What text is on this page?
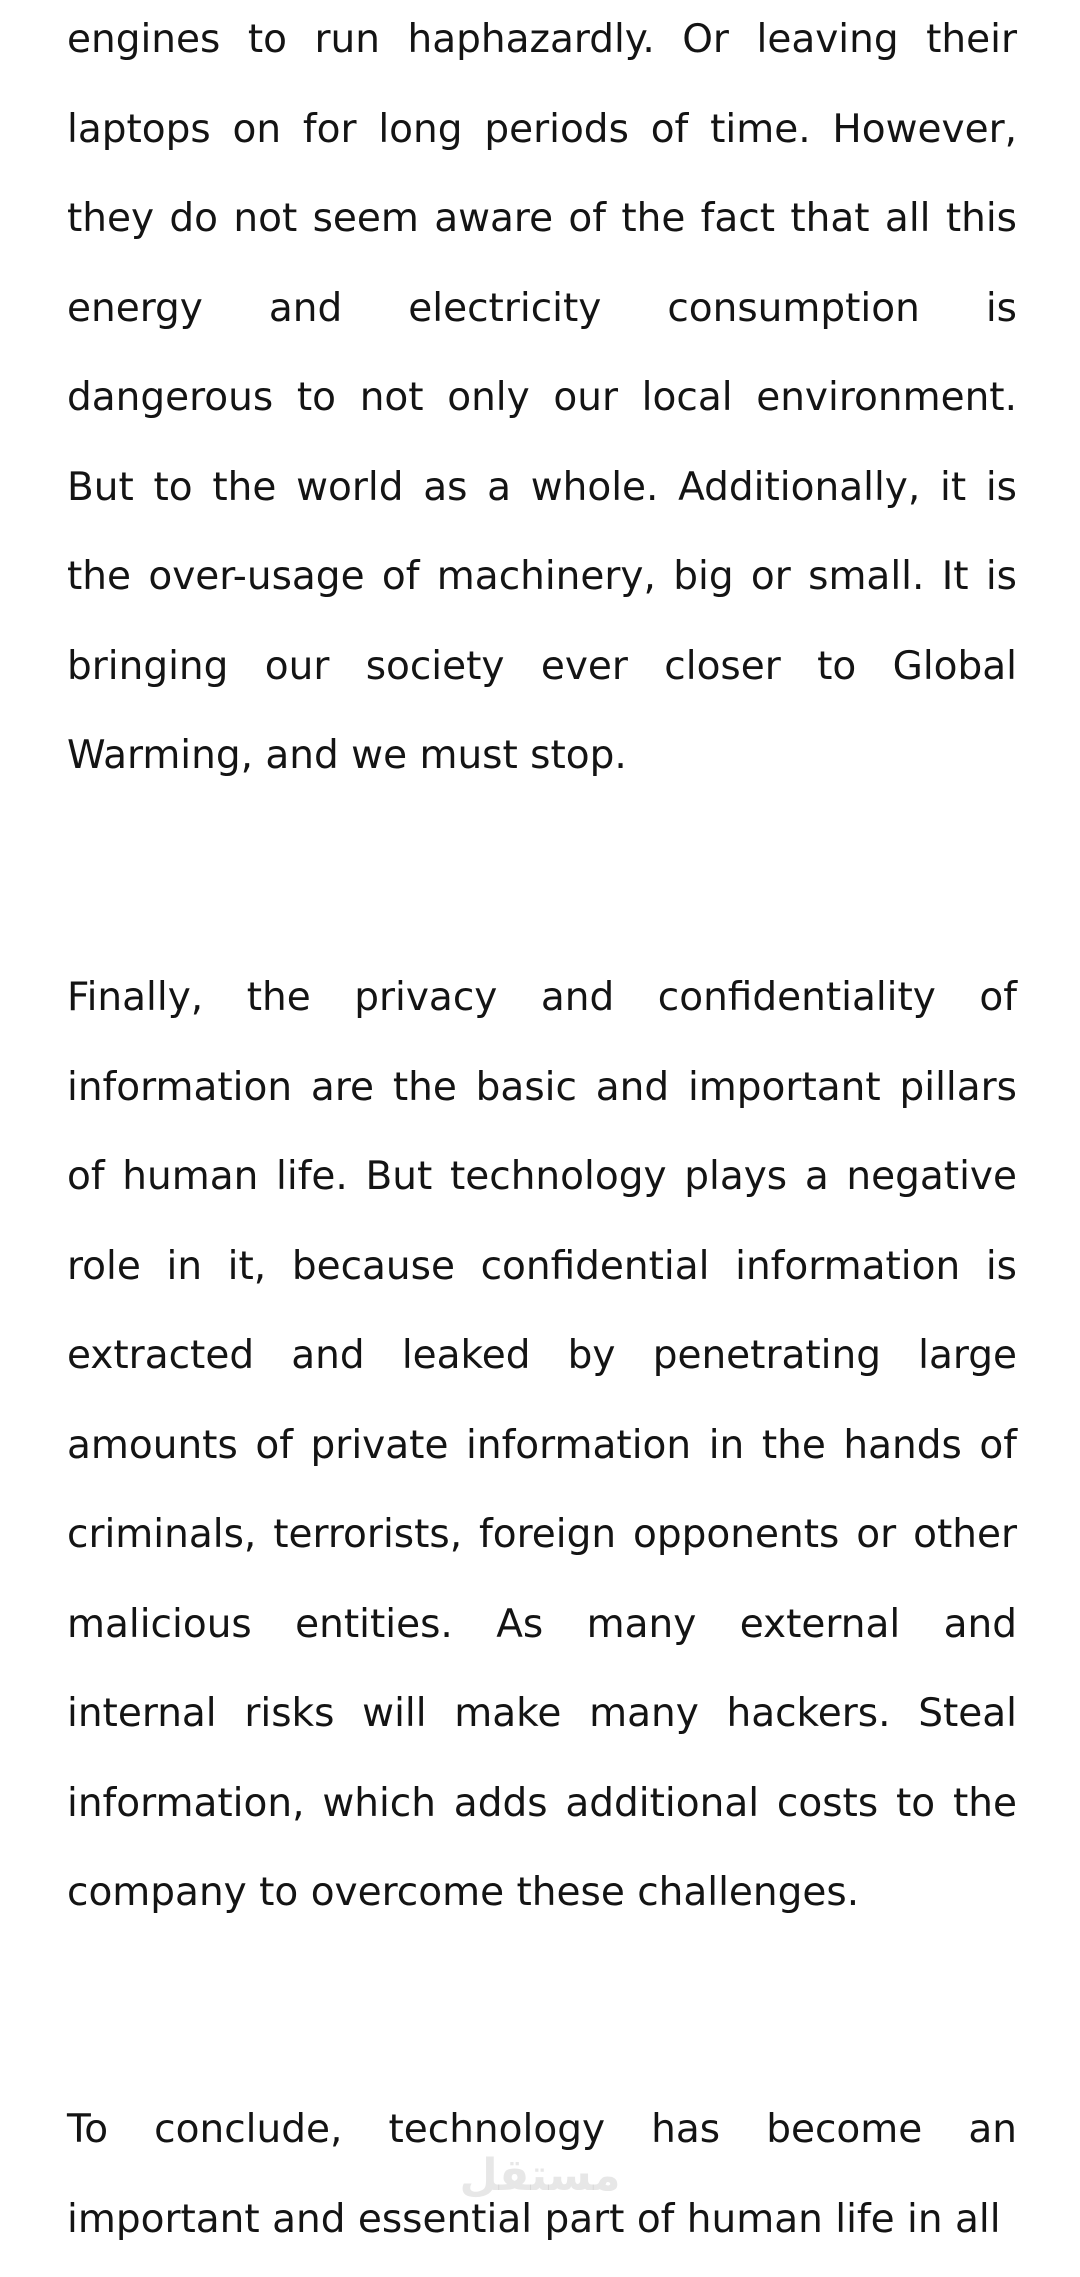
engines to run haphazardly. Or leaving their laptops on for long periods of time. However, they do not seem aware of the fact that all this energy and electricity consumption is dangerous to not only our local environment. But to the world as a whole. Additionally, it is the over-usage of machinery, big or small. It is bringing our society ever closer to Global Warming, and we must stop.

Finally, the privacy and confidentiality of information are the basic and important pillars of human life. But technology plays a negative role in it, because confidential information is extracted and leaked by penetrating large amounts of private information in the hands of criminals, terrorists, foreign opponents or other malicious entities. As many external and internal risks will make many hackers. Steal information, which adds additional costs to the company to overcome these challenges.

To conclude, technology has become an important and essential part of human life in all

مستقل
